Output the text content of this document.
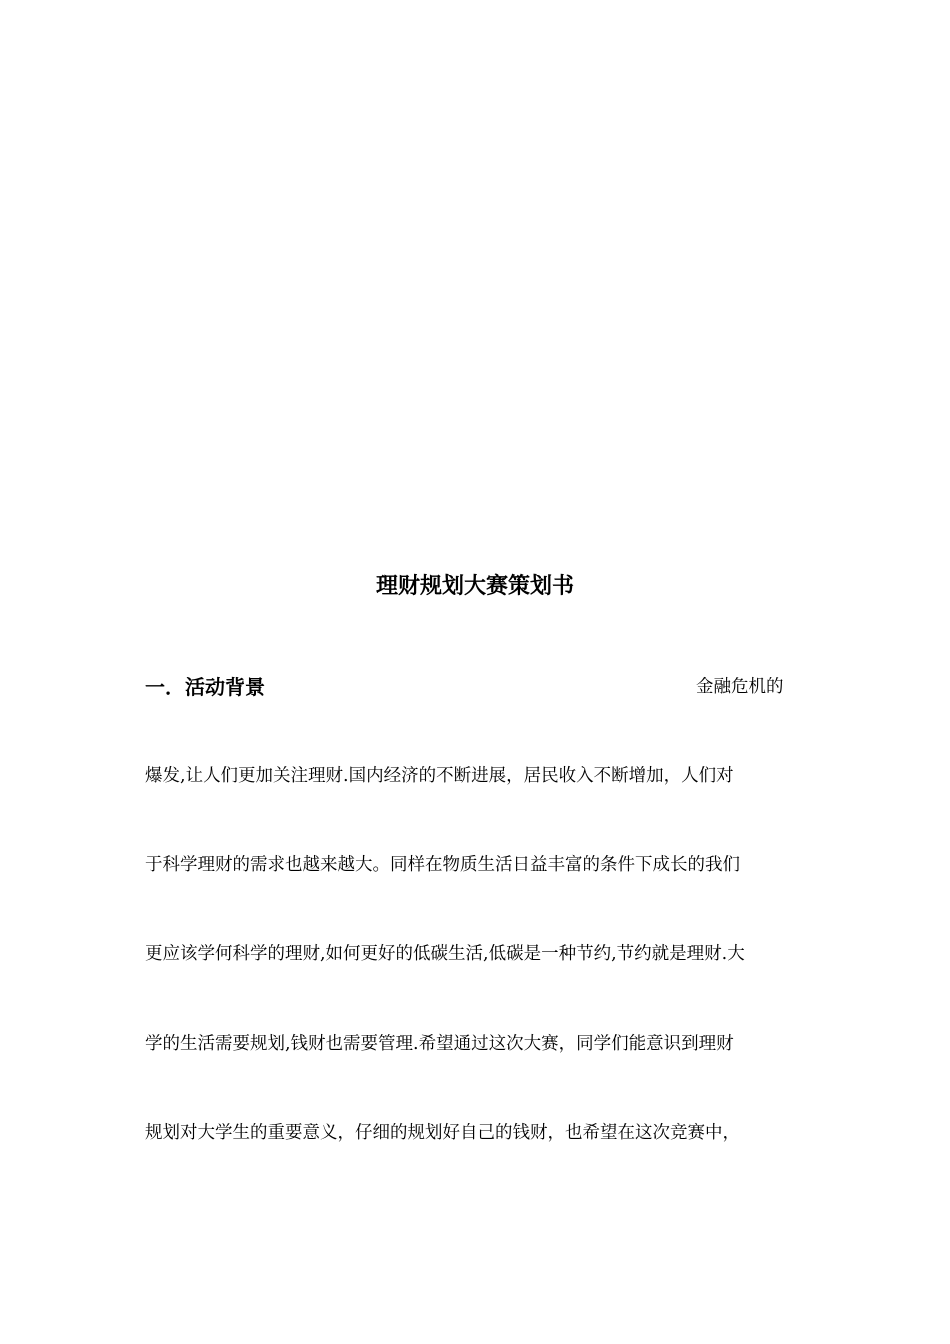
理财规划大赛策划书
一．活动背景	金融危机的
爆发,让人们更加关注理财.国内经济的不断进展，居民收入不断增加，人们对
于科学理财的需求也越来越大。同样在物质生活日益丰富的条件下成长的我们
更应该学何科学的理财,如何更好的低碳生活,低碳是一种节约,节约就是理财.大
学的生活需要规划,钱财也需要管理.希望通过这次大赛，同学们能意识到理财
规划对大学生的重要意义，仔细的规划好自己的钱财，也希望在这次竞赛中，
